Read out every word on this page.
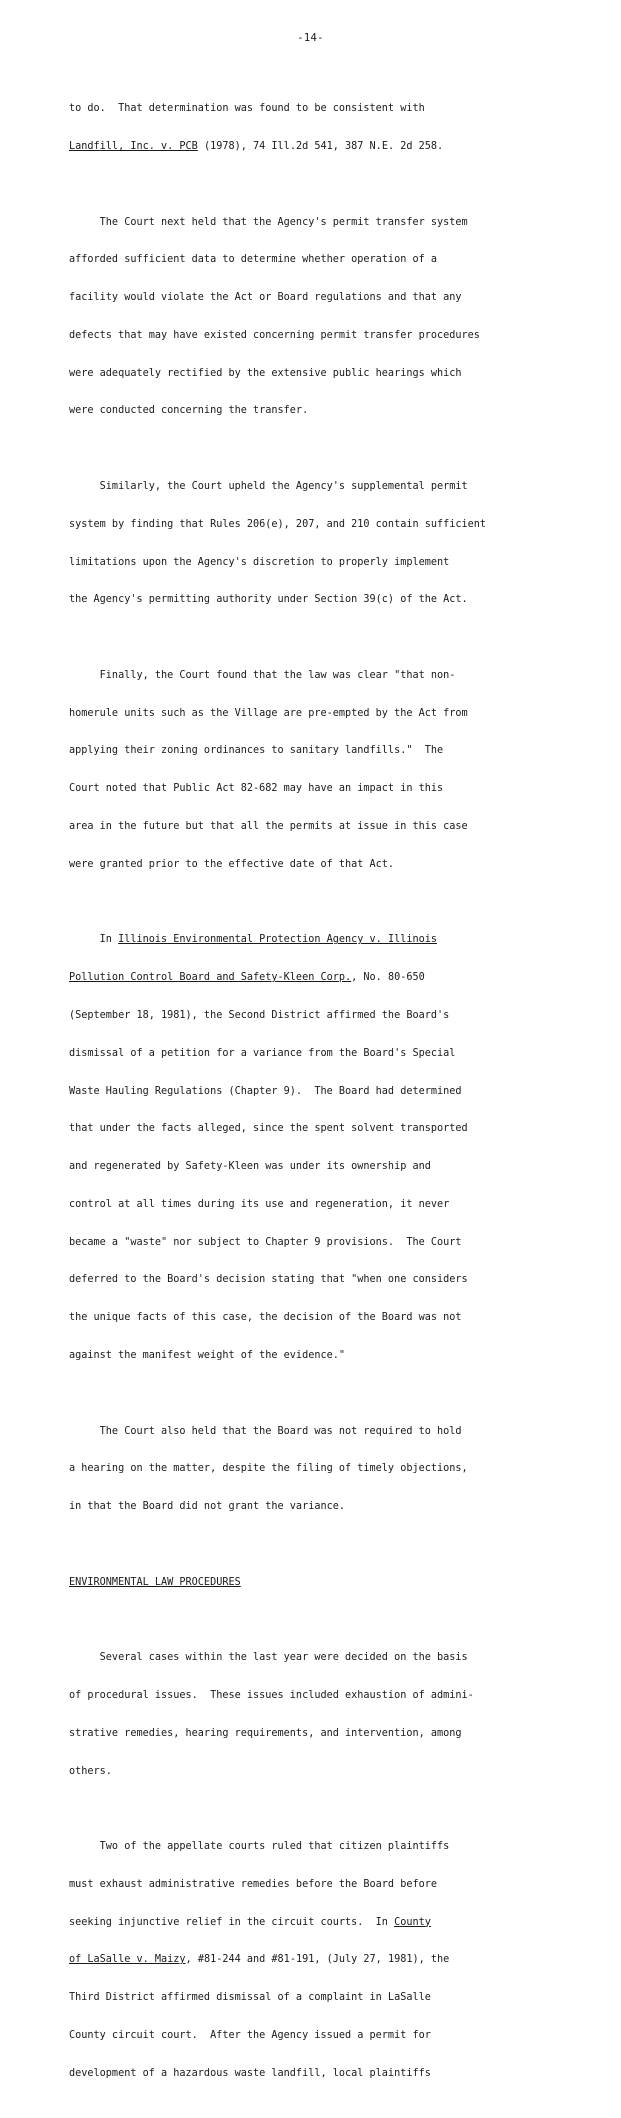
-14-

to do.  That determination was found to be consistent with

Landfill, Inc. v. PCB (1978), 74 Ill.2d 541, 387 N.E. 2d 258.

The Court next held that the Agency's permit transfer system

afforded sufficient data to determine whether operation of a

facility would violate the Act or Board regulations and that any

defects that may have existed concerning permit transfer procedures

were adequately rectified by the extensive public hearings which

were conducted concerning the transfer.

Similarly, the Court upheld the Agency's supplemental permit

system by finding that Rules 206(e), 207, and 210 contain sufficient

limitations upon the Agency's discretion to properly implement

the Agency's permitting authority under Section 39(c) of the Act.

Finally, the Court found that the law was clear "that non-

homerule units such as the Village are pre-empted by the Act from

applying their zoning ordinances to sanitary landfills."  The

Court noted that Public Act 82-682 may have an impact in this

area in the future but that all the permits at issue in this case

were granted prior to the effective date of that Act.

In Illinois Environmental Protection Agency v. Illinois

Pollution Control Board and Safety-Kleen Corp., No. 80-650

(September 18, 1981), the Second District affirmed the Board's

dismissal of a petition for a variance from the Board's Special

Waste Hauling Regulations (Chapter 9).  The Board had determined

that under the facts alleged, since the spent solvent transported

and regenerated by Safety-Kleen was under its ownership and

control at all times during its use and regeneration, it never

became a "waste" nor subject to Chapter 9 provisions.  The Court

deferred to the Board's decision stating that "when one considers

the unique facts of this case, the decision of the Board was not

against the manifest weight of the evidence."

The Court also held that the Board was not required to hold

a hearing on the matter, despite the filing of timely objections,

in that the Board did not grant the variance.

ENVIRONMENTAL LAW PROCEDURES

Several cases within the last year were decided on the basis

of procedural issues.  These issues included exhaustion of admini-

strative remedies, hearing requirements, and intervention, among

others.

Two of the appellate courts ruled that citizen plaintiffs

must exhaust administrative remedies before the Board before

seeking injunctive relief in the circuit courts.  In County

of LaSalle v. Maizy, #81-244 and #81-191, (July 27, 1981), the

Third District affirmed dismissal of a complaint in LaSalle

County circuit court.  After the Agency issued a permit for

development of a hazardous waste landfill, local plaintiffs
